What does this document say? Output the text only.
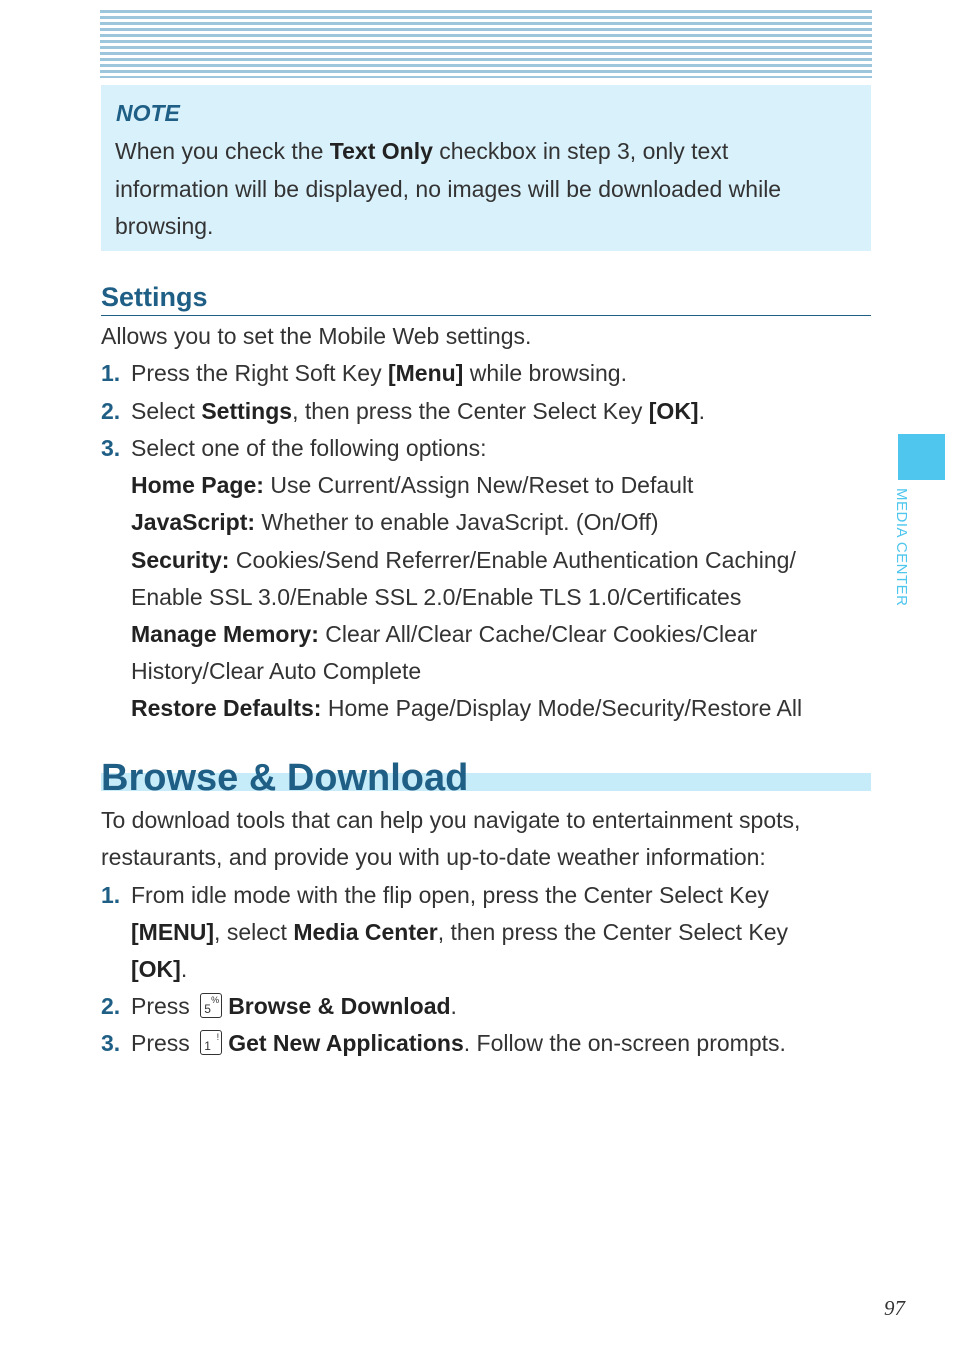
NOTE
When you check the Text Only checkbox in step 3, only text
information will be displayed, no images will be downloaded while
browsing.
Settings
Allows you to set the Mobile Web settings.
1. Press the Right Soft Key [Menu] while browsing.
2. Select Settings, then press the Center Select Key [OK].
3. Select one of the following options:
Home Page: Use Current/Assign New/Reset to Default
JavaScript: Whether to enable JavaScript. (On/Off)
Security: Cookies/Send Referrer/Enable Authentication Caching/
Enable SSL 3.0/Enable SSL 2.0/Enable TLS 1.0/Certificates
Manage Memory: Clear All/Clear Cache/Clear Cookies/Clear
History/Clear Auto Complete
Restore Defaults: Home Page/Display Mode/Security/Restore All
Browse & Download
To download tools that can help you navigate to entertainment spots,
restaurants, and provide you with up-to-date weather information:
1. From idle mode with the flip open, press the Center Select Key
[MENU], select Media Center, then press the Center Select Key
[OK].
2. Press 5
% Browse & Download.
3. Press 1
! Get New Applications. Follow the on-screen prompts.
MEDIA CENTER
97
